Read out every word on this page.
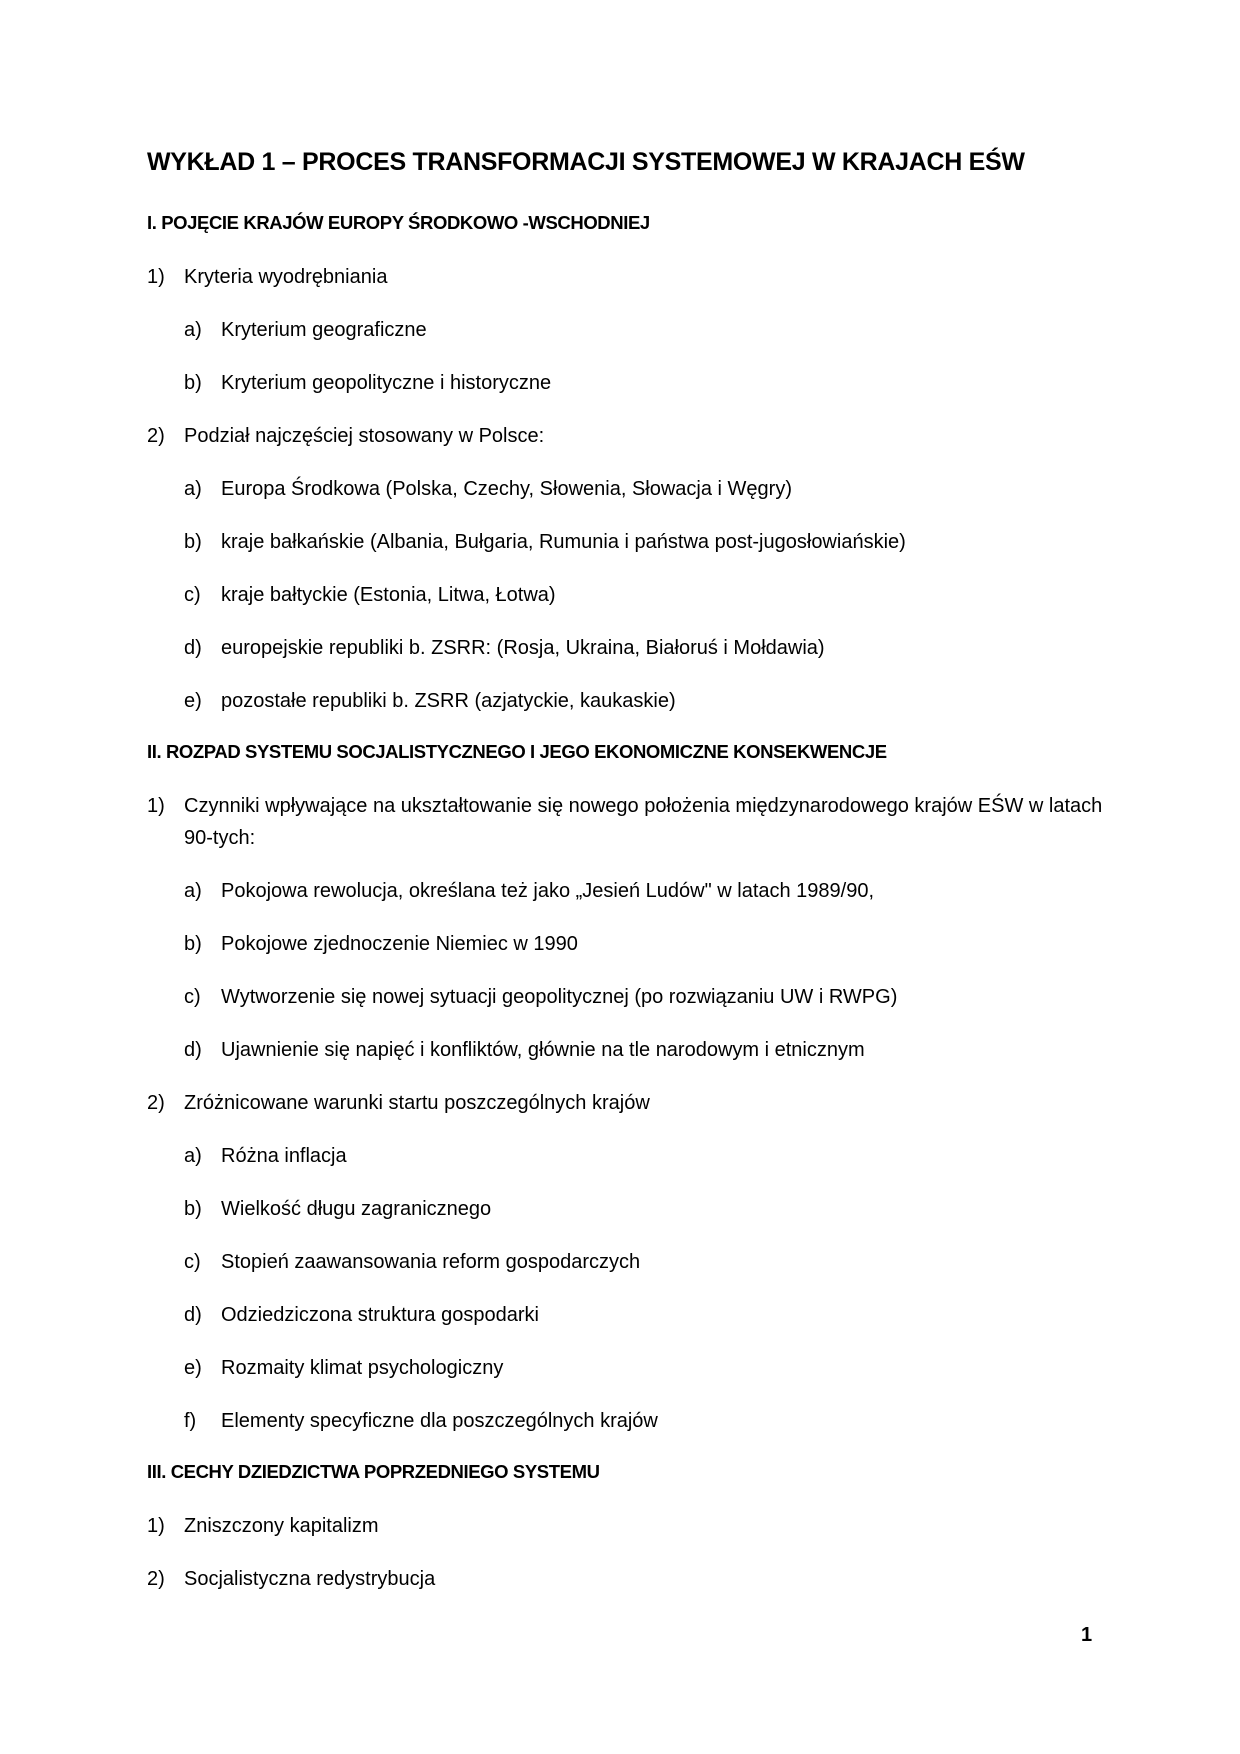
WYKŁAD 1 – PROCES TRANSFORMACJI SYSTEMOWEJ W KRAJACH EŚW
I. POJĘCIE KRAJÓW EUROPY ŚRODKOWO -WSCHODNIEJ
1) Kryteria wyodrębniania
a) Kryterium geograficzne
b) Kryterium geopolityczne i historyczne
2) Podział najczęściej stosowany w Polsce:
a) Europa Środkowa (Polska, Czechy, Słowenia, Słowacja i Węgry)
b) kraje bałkańskie (Albania, Bułgaria, Rumunia i państwa post-jugosłowiańskie)
c) kraje bałtyckie (Estonia, Litwa, Łotwa)
d) europejskie republiki b. ZSRR: (Rosja, Ukraina, Białoruś i Mołdawia)
e) pozostałe republiki b. ZSRR (azjatyckie, kaukaskie)
II. ROZPAD SYSTEMU SOCJALISTYCZNEGO I JEGO EKONOMICZNE KONSEKWENCJE
1) Czynniki wpływające na ukształtowanie się nowego położenia międzynarodowego krajów EŚW w latach 90-tych:
a) Pokojowa rewolucja, określana też jako „Jesień Ludów" w latach 1989/90,
b) Pokojowe zjednoczenie Niemiec w 1990
c) Wytworzenie się nowej sytuacji geopolitycznej (po rozwiązaniu UW i RWPG)
d) Ujawnienie się napięć i konfliktów, głównie na tle narodowym i etnicznym
2) Zróżnicowane warunki startu poszczególnych krajów
a) Różna inflacja
b) Wielkość długu zagranicznego
c) Stopień zaawansowania reform gospodarczych
d) Odziedziczona struktura gospodarki
e) Rozmaity klimat psychologiczny
f) Elementy specyficzne dla poszczególnych krajów
III. CECHY DZIEDZICTWA POPRZEDNIEGO SYSTEMU
1) Zniszczony kapitalizm
2) Socjalistyczna redystrybucja
1
